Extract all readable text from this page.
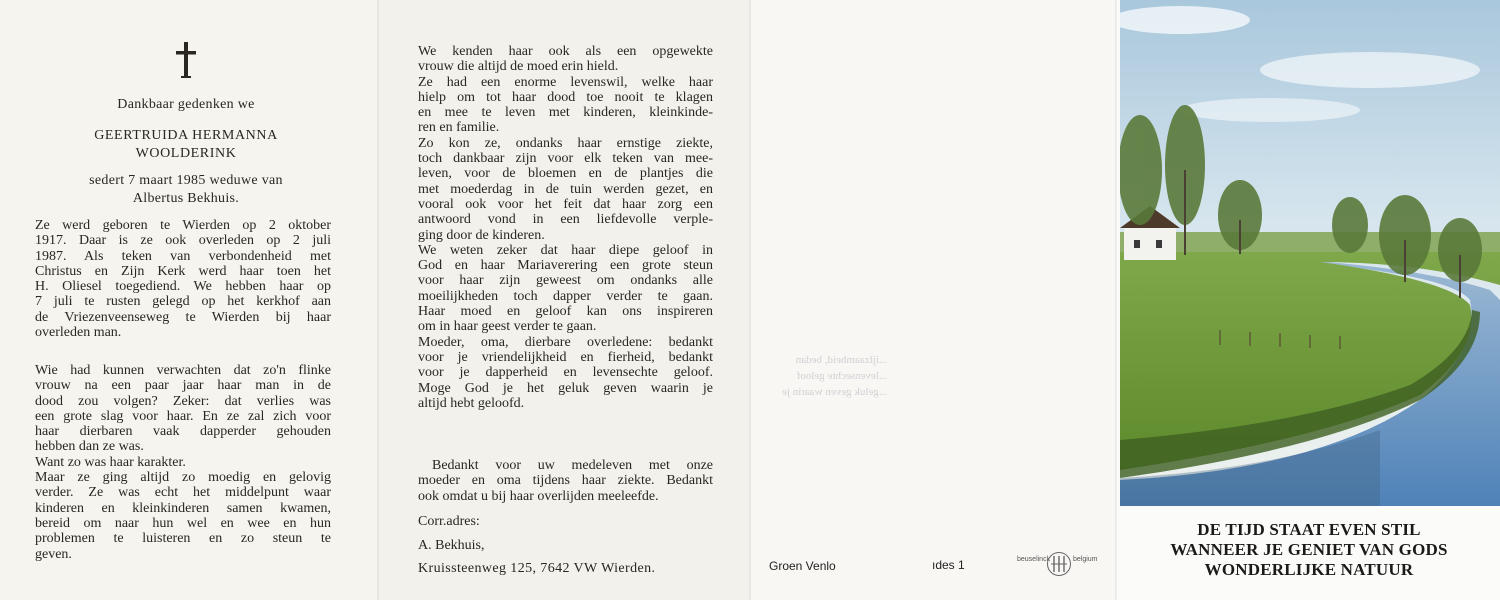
Dankbaar gedenken we
GEERTRUIDA HERMANNA
WOOLDERINK
sedert 7 maart 1985 weduwe van
Albertus Bekhuis.
Ze werd geboren te Wierden op 2 oktober
1917. Daar is ze ook overleden op 2 juli
1987. Als teken van verbondenheid met
Christus en Zijn Kerk werd haar toen het
H. Oliesel toegediend. We hebben haar op
7 juli te rusten gelegd op het kerkhof aan
de Vriezenveenseweg te Wierden bij haar
overleden man.
Wie had kunnen verwachten dat zo'n flinke
vrouw na een paar jaar haar man in de
dood zou volgen? Zeker: dat verlies was
een grote slag voor haar. En ze zal zich voor
haar dierbaren vaak dapperder gehouden
hebben dan ze was.
Want zo was haar karakter.
Maar ze ging altijd zo moedig en gelovig
verder. Ze was echt het middelpunt waar
kinderen en kleinkinderen samen kwamen,
bereid om naar hun wel en wee en hun
problemen te luisteren en zo steun te
geven.
We kenden haar ook als een opgewekte
vrouw die altijd de moed erin hield.
Ze had een enorme levenswil, welke haar
hielp om tot haar dood toe nooit te klagen
en mee te leven met kinderen, kleinkinde-
ren en familie.
Zo kon ze, ondanks haar ernstige ziekte,
toch dankbaar zijn voor elk teken van mee-
leven, voor de bloemen en de plantjes die
met moederdag in de tuin werden gezet, en
vooral ook voor het feit dat haar zorg een
antwoord vond in een liefdevolle verple-
ging door de kinderen.
We weten zeker dat haar diepe geloof in
God en haar Mariaverering een grote steun
voor haar zijn geweest om ondanks alle
moeilijkheden toch dapper verder te gaan.
Haar moed en geloof kan ons inspireren
om in haar geest verder te gaan.
Moeder, oma, dierbare overledene: bedankt
voor je vriendelijkheid en fierheid, bedankt
voor je dapperheid en levensechte geloof.
Moge God je het geluk geven waarin je
altijd hebt geloofd.
Bedankt voor uw medeleven met onze
moeder en oma tijdens haar ziekte. Bedankt
ook omdat u bij haar overlijden meeleefde.
Corr.adres:
A. Bekhuis,
Kruissteenweg 125, 7642 VW Wierden.
...ijlzaamheid, bedan
...levensechte geloof
...geluk geven waarin je
Groen Venlo	ıdes 1	beuselinck	belgium
DE TIJD STAAT EVEN STIL
WANNEER JE GENIET VAN GODS
WONDERLIJKE NATUUR
